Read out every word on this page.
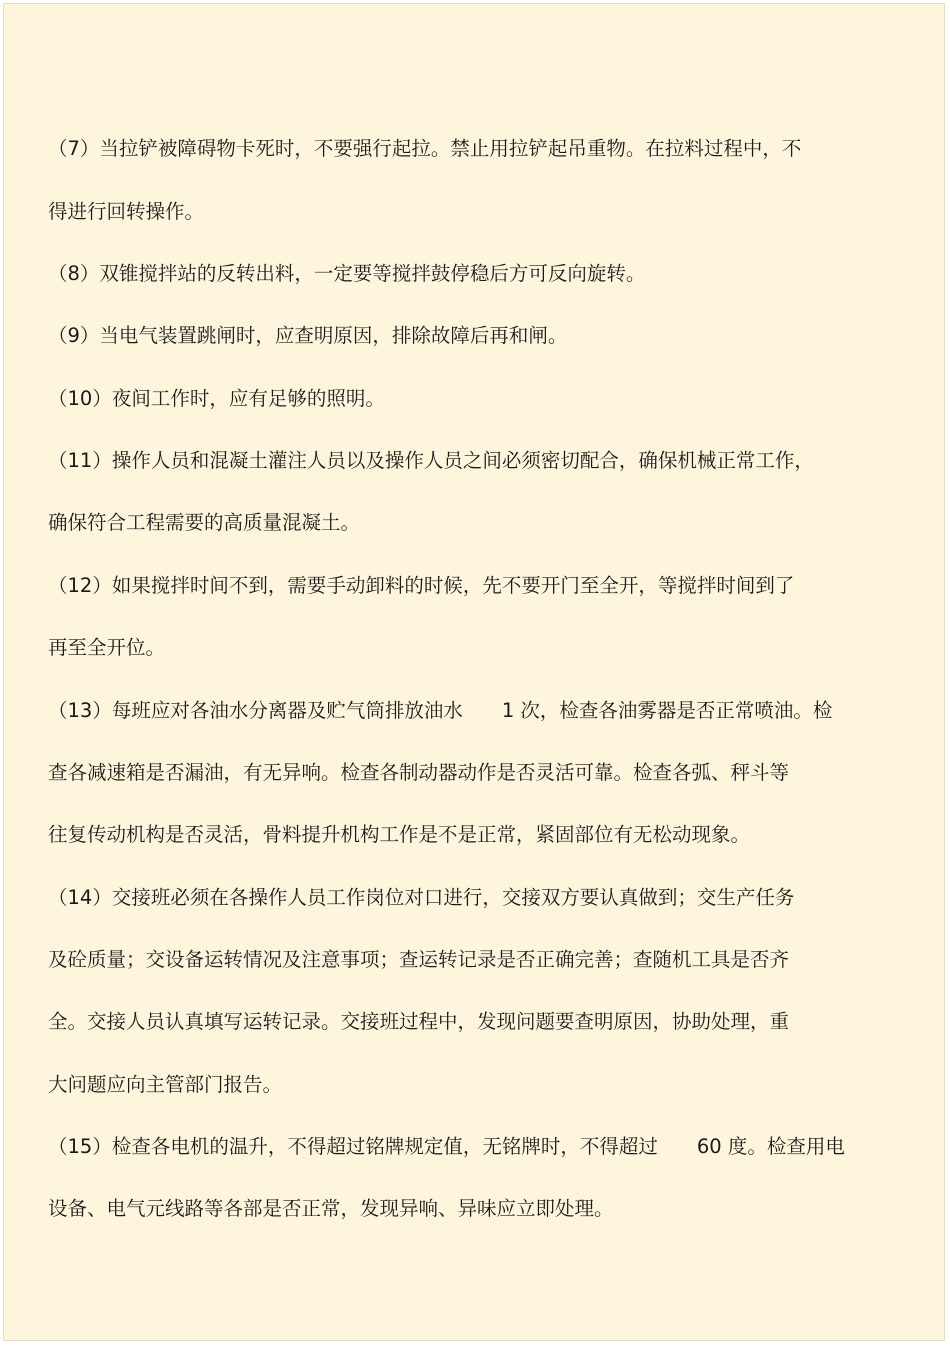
（7）当拉铲被障碍物卡死时，不要强行起拉。禁止用拉铲起吊重物。在拉料过程中，不

得进行回转操作。

（8）双锥搅拌站的反转出料，一定要等搅拌鼓停稳后方可反向旋转。

（9）当电气装置跳闸时，应查明原因，排除故障后再和闸。

（10）夜间工作时，应有足够的照明。

（11）操作人员和混凝土灌注人员以及操作人员之间必须密切配合，确保机械正常工作，

确保符合工程需要的高质量混凝土。

（12）如果搅拌时间不到，需要手动卸料的时候，先不要开门至全开，等搅拌时间到了

再至全开位。

（13）每班应对各油水分离器及贮气筒排放油水　　1 次，检查各油雾器是否正常喷油。检

查各减速箱是否漏油，有无异响。检查各制动器动作是否灵活可靠。检查各弧、秤斗等

往复传动机构是否灵活，骨料提升机构工作是不是正常，紧固部位有无松动现象。

（14）交接班必须在各操作人员工作岗位对口进行，交接双方要认真做到；交生产任务

及砼质量；交设备运转情况及注意事项；查运转记录是否正确完善；查随机工具是否齐

全。交接人员认真填写运转记录。交接班过程中，发现问题要查明原因，协助处理，重

大问题应向主管部门报告。

（15）检查各电机的温升，不得超过铭牌规定值，无铭牌时，不得超过　　60 度。检查用电

设备、电气元线路等各部是否正常，发现异响、异味应立即处理。
